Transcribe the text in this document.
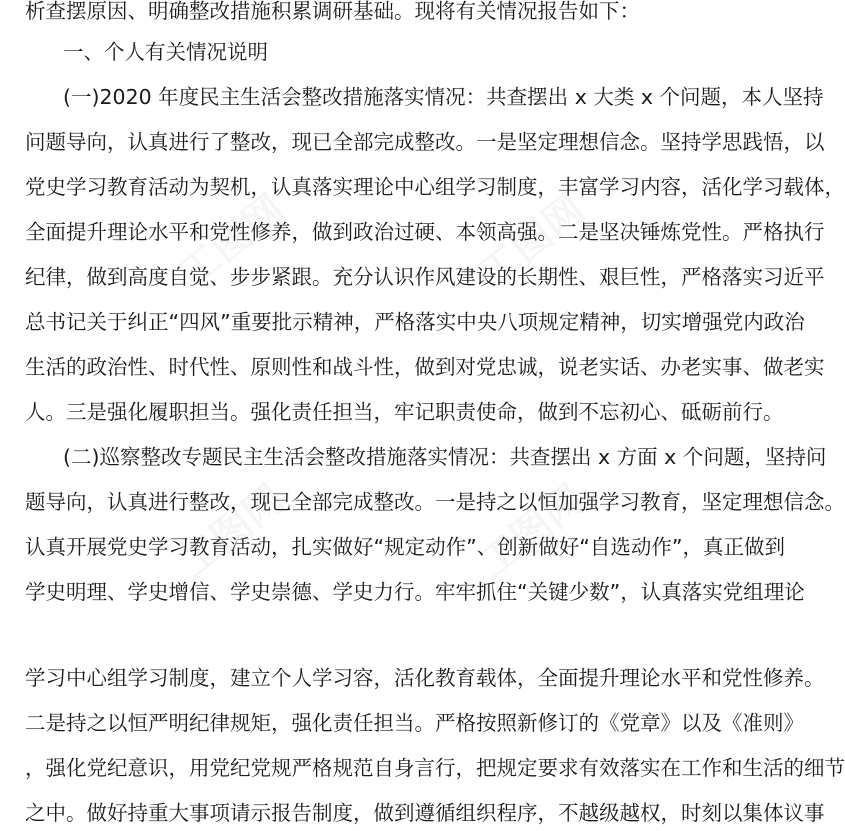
析查摆原因、明确整改措施积累调研基础。现将有关情况报告如下：
一、个人有关情况说明
(一)2020 年度民主生活会整改措施落实情况：共查摆出 x 大类 x 个问题，本人坚持
问题导向，认真进行了整改，现已全部完成整改。一是坚定理想信念。坚持学思践悟，以
党史学习教育活动为契机，认真落实理论中心组学习制度，丰富学习内容，活化学习载体，
全面提升理论水平和党性修养，做到政治过硬、本领高强。二是坚决锤炼党性。严格执行
纪律，做到高度自觉、步步紧跟。充分认识作风建设的长期性、艰巨性，严格落实习近平
总书记关于纠正“四风”重要批示精神，严格落实中央八项规定精神，切实增强党内政治
生活的政治性、时代性、原则性和战斗性，做到对党忠诚，说老实话、办老实事、做老实
人。三是强化履职担当。强化责任担当，牢记职责使命，做到不忘初心、砥砺前行。
(二)巡察整改专题民主生活会整改措施落实情况：共查摆出 x 方面 x 个问题，坚持问
题导向，认真进行整改，现已全部完成整改。一是持之以恒加强学习教育，坚定理想信念。
认真开展党史学习教育活动，扎实做好“规定动作”、创新做好“自选动作”，真正做到
学史明理、学史增信、学史崇德、学史力行。牢牢抓住“关键少数”，认真落实党组理论
学习中心组学习制度，建立个人学习容，活化教育载体，全面提升理论水平和党性修养。
二是持之以恒严明纪律规矩，强化责任担当。严格按照新修订的《党章》以及《准则》
，强化党纪意识，用党纪党规严格规范自身言行，把规定要求有效落实在工作和生活的细节
之中。做好持重大事项请示报告制度，做到遵循组织程序，不越级越权，时刻以集体议事
